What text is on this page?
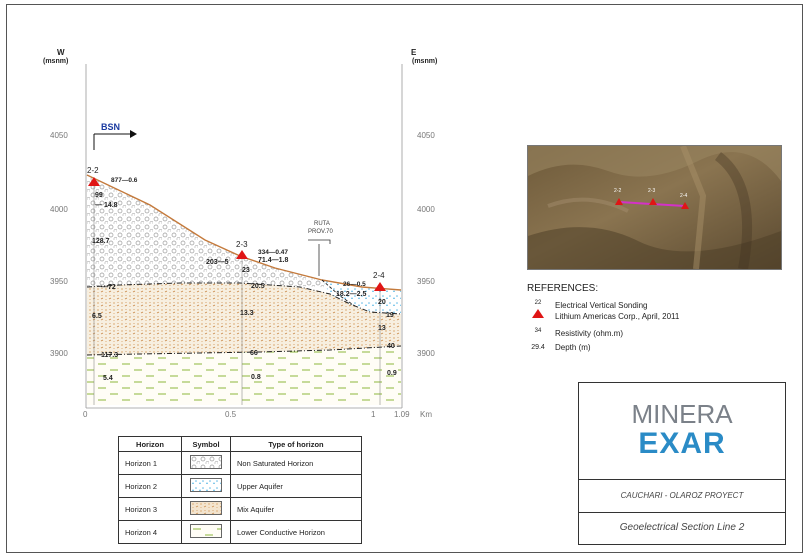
W
(msnm)
E
(msnm)
4050
4000
3950
3900
4050
4000
3950
3900
0	0.5	1 1.09 Km
BSN
RUTA
PROV.70
2-2
877—0.6
2-3
334—0.47
2-4
26—0.5
99
— 14.8
128.7
—72
6.5
117.3
5.4
71.4—1.8
203—5
23
20.5
13.3
66
0.8
18.2—2.5
20
19
13
40
0.9
Horizon	Symbol	Type of horizon
Horizon 1		Non Saturated Horizon
Horizon 2		Upper Aquifer
Horizon 3		Mix Aquifer
Horizon 4		Lower Conductive Horizon
2-2	2-3
2-4
REFERENCES:
22	Electrical Vertical Sonding
Lithium Americas Corp., April, 2011
34	Resistivity (ohm.m)
29.4	Depth (m)
MINERA
EXAR
CAUCHARI - OLAROZ PROYECT
Geoelectrical Section Line 2
